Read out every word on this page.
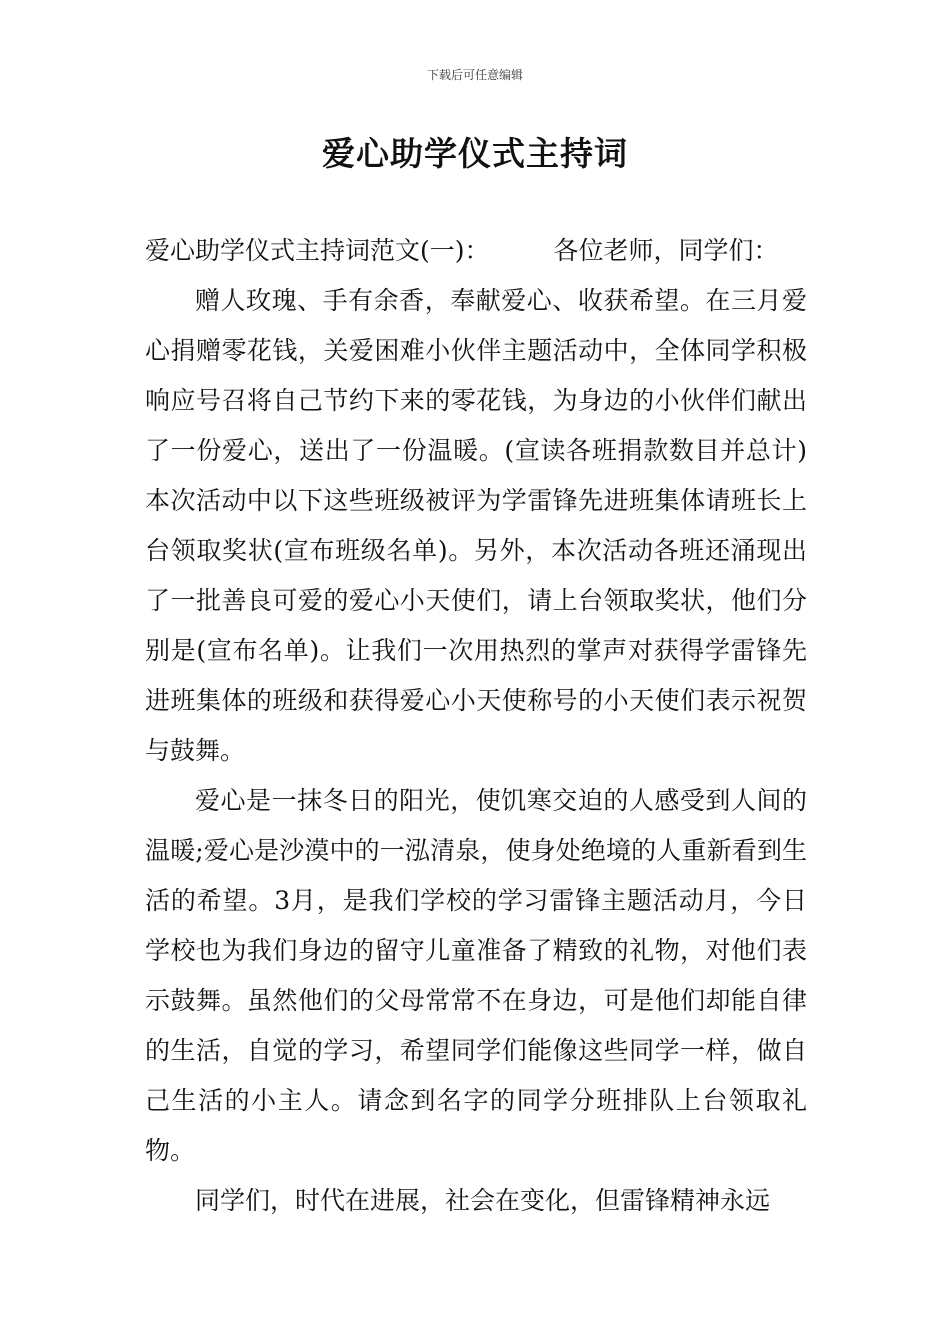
下载后可任意编辑
爱心助学仪式主持词

爱心助学仪式主持词范文(一)：	各位老师，同学们：

赠人玫瑰、手有余香，奉献爱心、收获希望。在三月爱心捐赠零花钱，关爱困难小伙伴主题活动中，全体同学积极响应号召将自己节约下来的零花钱，为身边的小伙伴们献出了一份爱心，送出了一份温暖。(宣读各班捐款数目并总计)本次活动中以下这些班级被评为学雷锋先进班集体请班长上台领取奖状(宣布班级名单)。另外，本次活动各班还涌现出了一批善良可爱的爱心小天使们，请上台领取奖状，他们分别是(宣布名单)。让我们一次用热烈的掌声对获得学雷锋先进班集体的班级和获得爱心小天使称号的小天使们表示祝贺与鼓舞。

爱心是一抹冬日的阳光，使饥寒交迫的人感受到人间的温暖;爱心是沙漠中的一泓清泉，使身处绝境的人重新看到生活的希望。3月，是我们学校的学习雷锋主题活动月，今日学校也为我们身边的留守儿童准备了精致的礼物，对他们表示鼓舞。虽然他们的父母常常不在身边，可是他们却能自律的生活，自觉的学习，希望同学们能像这些同学一样，做自己生活的小主人。请念到名字的同学分班排队上台领取礼物。

同学们，时代在进展，社会在变化，但雷锋精神永远
